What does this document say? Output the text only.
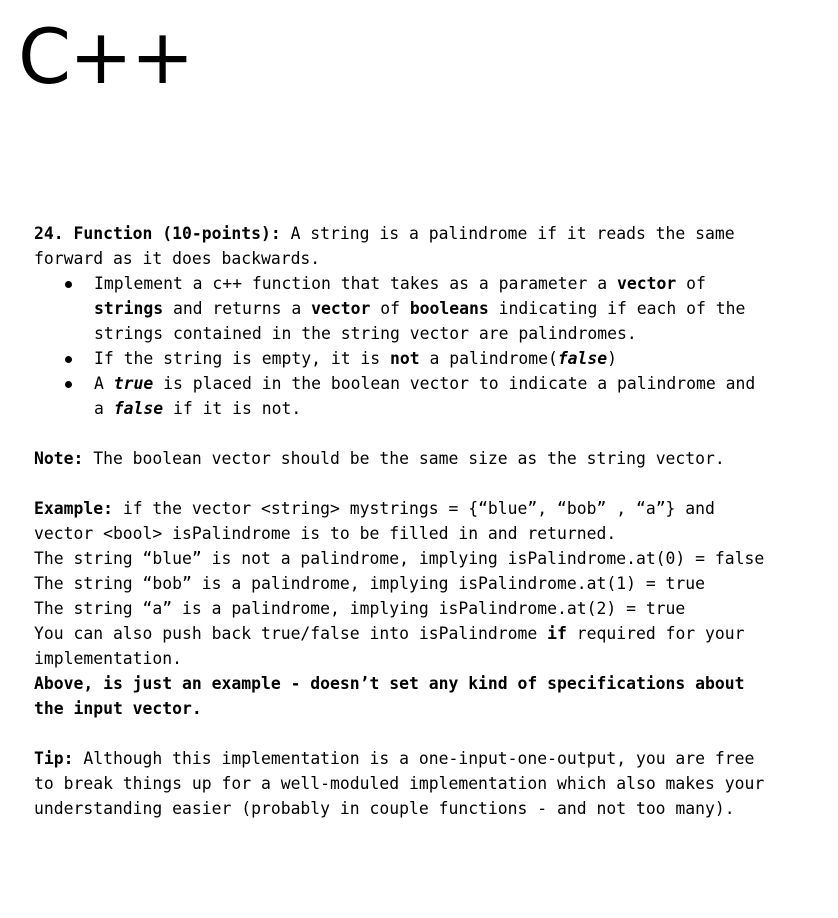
C++
24. Function (10-points): A string is a palindrome if it reads the same
forward as it does backwards.
Implement a c++ function that takes as a parameter a vector of
strings and returns a vector of booleans indicating if each of the
strings contained in the string vector are palindromes.
If the string is empty, it is not a palindrome(false)
A true is placed in the boolean vector to indicate a palindrome and
a false if it is not.
Note: The boolean vector should be the same size as the string vector.
Example: if the vector <string> mystrings = {“blue”, “bob” , “a”} and
vector <bool> isPalindrome is to be filled in and returned.
The string “blue” is not a palindrome, implying isPalindrome.at(0) = false
The string “bob” is a palindrome, implying isPalindrome.at(1) = true
The string “a” is a palindrome, implying isPalindrome.at(2) = true
You can also push back true/false into isPalindrome if required for your
implementation.
Above, is just an example - doesn’t set any kind of specifications about
the input vector.
Tip: Although this implementation is a one-input-one-output, you are free
to break things up for a well-moduled implementation which also makes your
understanding easier (probably in couple functions - and not too many).
